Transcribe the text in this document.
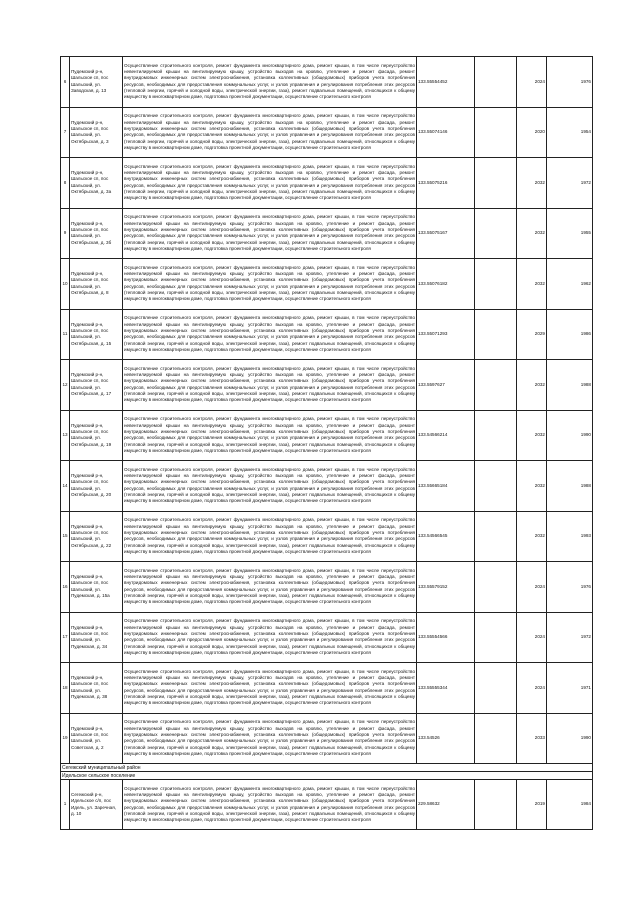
6	Пудемский р-н, Шальское сп, пос Шальский, ул. Заводская, д. 13	Осуществление строительного контроля, ремонт фундамента многоквартирного дома, ремонт крыши, в том числе переустройство невентилируемой крыши на вентилируемую крышу, устройство выходов на кровлю, утепление и ремонт фасада, ремонт внутридомовых инженерных систем электроснабжения, установка коллективных (общедомовых) приборов учета потребления ресурсов, необходимых для предоставления коммунальных услуг, и узлов управления и регулирования потребления этих ресурсов (тепловой энергии, горячей и холодной воды, электрической энергии, газа), ремонт подвальных помещений, относящихся к общему имуществу в многоквартирном доме, подготовка проектной документации, осуществление строительного контроля	133.55554452		2024	1976
7	Пудемский р-н, Шальское сп, пос Шальский, ул. Октябрьская, д. 3	Осуществление строительного контроля, ремонт фундамента многоквартирного дома, ремонт крыши, в том числе переустройство невентилируемой крыши на вентилируемую крышу, устройство выходов на кровлю, утепление и ремонт фасада, ремонт внутридомовых инженерных систем электроснабжения, установка коллективных (общедомовых) приборов учета потребления ресурсов, необходимых для предоставления коммунальных услуг, и узлов управления и регулирования потребления этих ресурсов (тепловой энергии, горячей и холодной воды, электрической энергии, газа), ремонт подвальных помещений, относящихся к общему имуществу в многоквартирном доме, подготовка проектной документации, осуществление строительного контроля	133.55074146		2020	1954
8	Пудемский р-н, Шальское сп, пос Шальский, ул. Октябрьская, д. 3а	Осуществление строительного контроля, ремонт фундамента многоквартирного дома, ремонт крыши, в том числе переустройство невентилируемой крыши на вентилируемую крышу, устройство выходов на кровлю, утепление и ремонт фасада, ремонт внутридомовых инженерных систем электроснабжения, установка коллективных (общедомовых) приборов учета потребления ресурсов, необходимых для предоставления коммунальных услуг, и узлов управления и регулирования потребления этих ресурсов (тепловой энергии, горячей и холодной воды, электрической энергии, газа), ремонт подвальных помещений, относящихся к общему имуществу в многоквартирном доме, подготовка проектной документации, осуществление строительного контроля	133.55075216		2032	1972
9	Пудемский р-н, Шальское сп, пос Шальский, ул. Октябрьская, д. 3б	Осуществление строительного контроля, ремонт фундамента многоквартирного дома, ремонт крыши, в том числе переустройство невентилируемой крыши на вентилируемую крышу, устройство выходов на кровлю, утепление и ремонт фасада, ремонт внутридомовых инженерных систем электроснабжения, установка коллективных (общедомовых) приборов учета потребления ресурсов, необходимых для предоставления коммунальных услуг, и узлов управления и регулирования потребления этих ресурсов (тепловой энергии, горячей и холодной воды, электрической энергии, газа), ремонт подвальных помещений, относящихся к общему имуществу в многоквартирном доме, подготовка проектной документации, осуществление строительного контроля	133.55075167		2032	1955
10	Пудемский р-н, Шальское сп, пос Шальский, ул. Октябрьская, д. 8	Осуществление строительного контроля, ремонт фундамента многоквартирного дома, ремонт крыши, в том числе переустройство невентилируемой крыши на вентилируемую крышу, устройство выходов на кровлю, утепление и ремонт фасада, ремонт внутридомовых инженерных систем электроснабжения, установка коллективных (общедомовых) приборов учета потребления ресурсов, необходимых для предоставления коммунальных услуг, и узлов управления и регулирования потребления этих ресурсов (тепловой энергии, горячей и холодной воды, электрической энергии, газа), ремонт подвальных помещений, относящихся к общему имуществу в многоквартирном доме, подготовка проектной документации, осуществление строительного контроля	133.55076182		2032	1962
11	Пудемский р-н, Шальское сп, пос Шальский, ул. Октябрьская, д. 15	Осуществление строительного контроля, ремонт фундамента многоквартирного дома, ремонт крыши, в том числе переустройство невентилируемой крыши на вентилируемую крышу, устройство выходов на кровлю, утепление и ремонт фасада, ремонт внутридомовых инженерных систем электроснабжения, установка коллективных (общедомовых) приборов учета потребления ресурсов, необходимых для предоставления коммунальных услуг, и узлов управления и регулирования потребления этих ресурсов (тепловой энергии, горячей и холодной воды, электрической энергии, газа), ремонт подвальных помещений, относящихся к общему имуществу в многоквартирном доме, подготовка проектной документации, осуществление строительного контроля	133.55071293		2029	1986
12	Пудемский р-н, Шальское сп, пос Шальский, ул. Октябрьская, д. 17	Осуществление строительного контроля, ремонт фундамента многоквартирного дома, ремонт крыши, в том числе переустройство невентилируемой крыши на вентилируемую крышу, устройство выходов на кровлю, утепление и ремонт фасада, ремонт внутридомовых инженерных систем электроснабжения, установка коллективных (общедомовых) приборов учета потребления ресурсов, необходимых для предоставления коммунальных услуг, и узлов управления и регулирования потребления этих ресурсов (тепловой энергии, горячей и холодной воды, электрической энергии, газа), ремонт подвальных помещений, относящихся к общему имуществу в многоквартирном доме, подготовка проектной документации, осуществление строительного контроля	133.5597627		2032	1988
13	Пудемский р-н, Шальское сп, пос Шальский, ул. Октябрьская, д. 19	Осуществление строительного контроля, ремонт фундамента многоквартирного дома, ремонт крыши, в том числе переустройство невентилируемой крыши на вентилируемую крышу, устройство выходов на кровлю, утепление и ремонт фасада, ремонт внутридомовых инженерных систем электроснабжения, установка коллективных (общедомовых) приборов учета потребления ресурсов, необходимых для предоставления коммунальных услуг, и узлов управления и регулирования потребления этих ресурсов (тепловой энергии, горячей и холодной воды, электрической энергии, газа), ремонт подвальных помещений, относящихся к общему имуществу в многоквартирном доме, подготовка проектной документации, осуществление строительного контроля	133.54566214		2032	1990
14	Пудемский р-н, Шальское сп, пос Шальский, ул. Октябрьская, д. 20	Осуществление строительного контроля, ремонт фундамента многоквартирного дома, ремонт крыши, в том числе переустройство невентилируемой крыши на вентилируемую крышу, устройство выходов на кровлю, утепление и ремонт фасада, ремонт внутридомовых инженерных систем электроснабжения, установка коллективных (общедомовых) приборов учета потребления ресурсов, необходимых для предоставления коммунальных услуг, и узлов управления и регулирования потребления этих ресурсов (тепловой энергии, горячей и холодной воды, электрической энергии, газа), ремонт подвальных помещений, относящихся к общему имуществу в многоквартирном доме, подготовка проектной документации, осуществление строительного контроля	133.55665184		2032	1988
15	Пудемский р-н, Шальское сп, пос Шальский, ул. Октябрьская, д. 22	Осуществление строительного контроля, ремонт фундамента многоквартирного дома, ремонт крыши, в том числе переустройство невентилируемой крыши на вентилируемую крышу, устройство выходов на кровлю, утепление и ремонт фасада, ремонт внутридомовых инженерных систем электроснабжения, установка коллективных (общедомовых) приборов учета потребления ресурсов, необходимых для предоставления коммунальных услуг, и узлов управления и регулирования потребления этих ресурсов (тепловой энергии, горячей и холодной воды, электрической энергии, газа), ремонт подвальных помещений, относящихся к общему имуществу в многоквартирном доме, подготовка проектной документации, осуществление строительного контроля	133.54566545		2032	1993
16	Пудемский р-н, Шальское сп, пос Шальский, ул. Пудемская, д. 15а	Осуществление строительного контроля, ремонт фундамента многоквартирного дома, ремонт крыши, в том числе переустройство невентилируемой крыши на вентилируемую крышу, устройство выходов на кровлю, утепление и ремонт фасада, ремонт внутридомовых инженерных систем электроснабжения, установка коллективных (общедомовых) приборов учета потребления ресурсов, необходимых для предоставления коммунальных услуг, и узлов управления и регулирования потребления этих ресурсов (тепловой энергии, горячей и холодной воды, электрической энергии, газа), ремонт подвальных помещений, относящихся к общему имуществу в многоквартирном доме, подготовка проектной документации, осуществление строительного контроля	133.55579152		2024	1976
17	Пудемский р-н, Шальское сп, пос Шальский, ул. Пудемская, д. 34	Осуществление строительного контроля, ремонт фундамента многоквартирного дома, ремонт крыши, в том числе переустройство невентилируемой крыши на вентилируемую крышу, устройство выходов на кровлю, утепление и ремонт фасада, ремонт внутридомовых инженерных систем электроснабжения, установка коллективных (общедомовых) приборов учета потребления ресурсов, необходимых для предоставления коммунальных услуг, и узлов управления и регулирования потребления этих ресурсов (тепловой энергии, горячей и холодной воды, электрической энергии, газа), ремонт подвальных помещений, относящихся к общему имуществу в многоквартирном доме, подготовка проектной документации, осуществление строительного контроля	133.55554566		2024	1972
18	Пудемский р-н, Шальское сп, пос Шальский, ул. Пудемская, д. 38	Осуществление строительного контроля, ремонт фундамента многоквартирного дома, ремонт крыши, в том числе переустройство невентилируемой крыши на вентилируемую крышу, устройство выходов на кровлю, утепление и ремонт фасада, ремонт внутридомовых инженерных систем электроснабжения, установка коллективных (общедомовых) приборов учета потребления ресурсов, необходимых для предоставления коммунальных услуг, и узлов управления и регулирования потребления этих ресурсов (тепловой энергии, горячей и холодной воды, электрической энергии, газа), ремонт подвальных помещений, относящихся к общему имуществу в многоквартирном доме, подготовка проектной документации, осуществление строительного контроля	133.55555344		2024	1971
19	Пудемский р-н, Шальское сп, пос Шальский, ул. Советская, д. 2	Осуществление строительного контроля, ремонт фундамента многоквартирного дома, ремонт крыши, в том числе переустройство невентилируемой крыши на вентилируемую крышу, устройство выходов на кровлю, утепление и ремонт фасада, ремонт внутридомовых инженерных систем электроснабжения, установка коллективных (общедомовых) приборов учета потребления ресурсов, необходимых для предоставления коммунальных услуг, и узлов управления и регулирования потребления этих ресурсов (тепловой энергии, горячей и холодной воды, электрической энергии, газа), ремонт подвальных помещений, относящихся к общему имуществу в многоквартирном доме, подготовка проектной документации, осуществление строительного контроля	133.54526		2033	1990
Сегежский муниципальный район						
Идельское сельское поселение						
1	Сегежский р-н, Идельское с/п, пос Идель, ул. Заречная, д. 10	Осуществление строительного контроля, ремонт фундамента многоквартирного дома, ремонт крыши, в том числе переустройство невентилируемой крыши на вентилируемую крышу, устройство выходов на кровлю, утепление и ремонт фасада, ремонт внутридомовых инженерных систем электроснабжения, установка коллективных (общедомовых) приборов учета потребления ресурсов, необходимых для предоставления коммунальных услуг, и узлов управления и регулирования потребления этих ресурсов (тепловой энергии, горячей и холодной воды, электрической энергии, газа), ремонт подвальных помещений, относящихся к общему имуществу в многоквартирном доме, подготовка проектной документации, осуществление строительного контроля	229.58632		2019	1984
